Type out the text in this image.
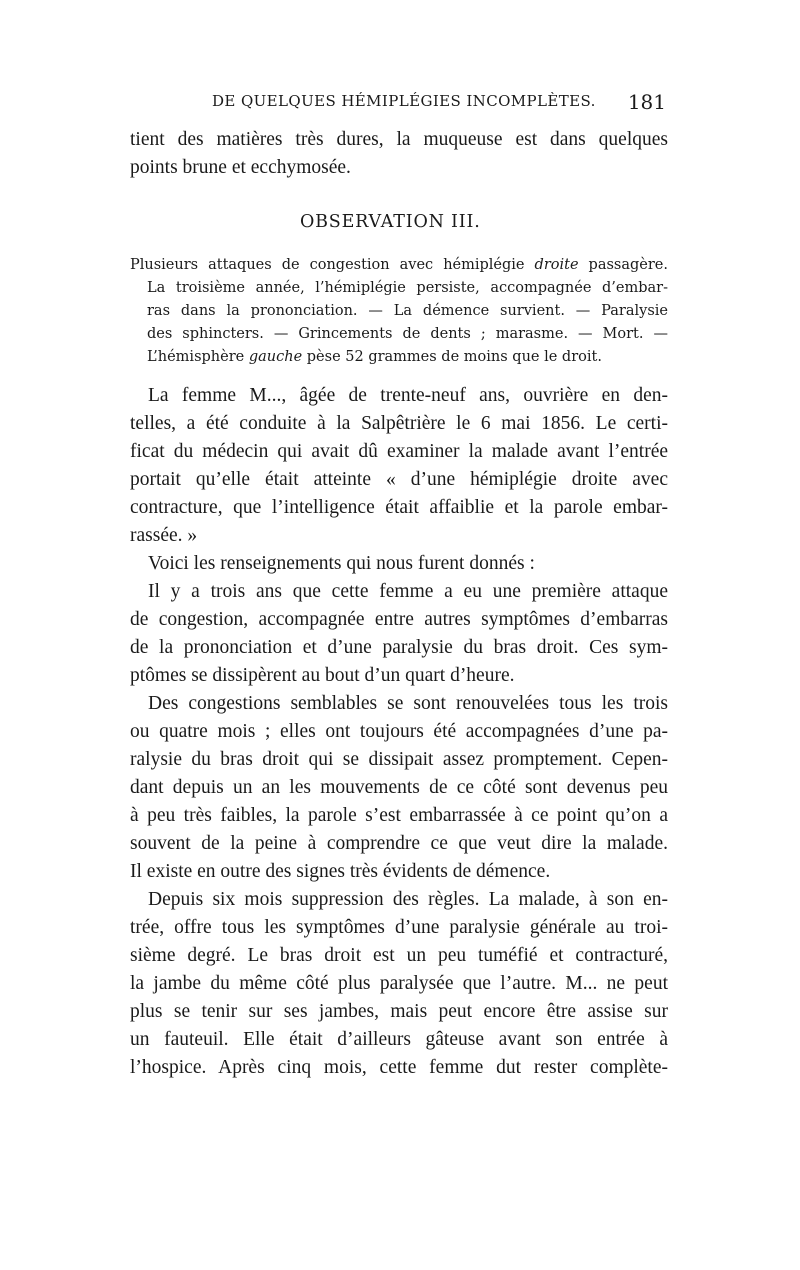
DE QUELQUES HÉMIPLÉGIES INCOMPLÈTES. 181
tient des matières très dures, la muqueuse est dans quelques
points brune et ecchymosée.
OBSERVATION III.
Plusieurs attaques de congestion avec hémiplégie droite passagère.
La troisième année, l’hémiplégie persiste, accompagnée d’embar-
ras dans la prononciation. — La démence survient. — Paralysie
des sphincters. — Grincements de dents ; marasme. — Mort. —
L’hémisphère gauche pèse 52 grammes de moins que le droit.
La femme M..., âgée de trente-neuf ans, ouvrière en den-
telles, a été conduite à la Salpêtrière le 6 mai 1856. Le certi-
ficat du médecin qui avait dû examiner la malade avant l’entrée
portait qu’elle était atteinte « d’une hémiplégie droite avec
contracture, que l’intelligence était affaiblie et la parole embar-
rassée. »
Voici les renseignements qui nous furent donnés :
Il y a trois ans que cette femme a eu une première attaque
de congestion, accompagnée entre autres symptômes d’embarras
de la prononciation et d’une paralysie du bras droit. Ces sym-
ptômes se dissipèrent au bout d’un quart d’heure.
Des congestions semblables se sont renouvelées tous les trois
ou quatre mois ; elles ont toujours été accompagnées d’une pa-
ralysie du bras droit qui se dissipait assez promptement. Cepen-
dant depuis un an les mouvements de ce côté sont devenus peu
à peu très faibles, la parole s’est embarrassée à ce point qu’on a
souvent de la peine à comprendre ce que veut dire la malade.
Il existe en outre des signes très évidents de démence.
Depuis six mois suppression des règles. La malade, à son en-
trée, offre tous les symptômes d’une paralysie générale au troi-
sième degré. Le bras droit est un peu tuméfié et contracturé,
la jambe du même côté plus paralysée que l’autre. M... ne peut
plus se tenir sur ses jambes, mais peut encore être assise sur
un fauteuil. Elle était d’ailleurs gâteuse avant son entrée à
l’hospice. Après cinq mois, cette femme dut rester complète-
